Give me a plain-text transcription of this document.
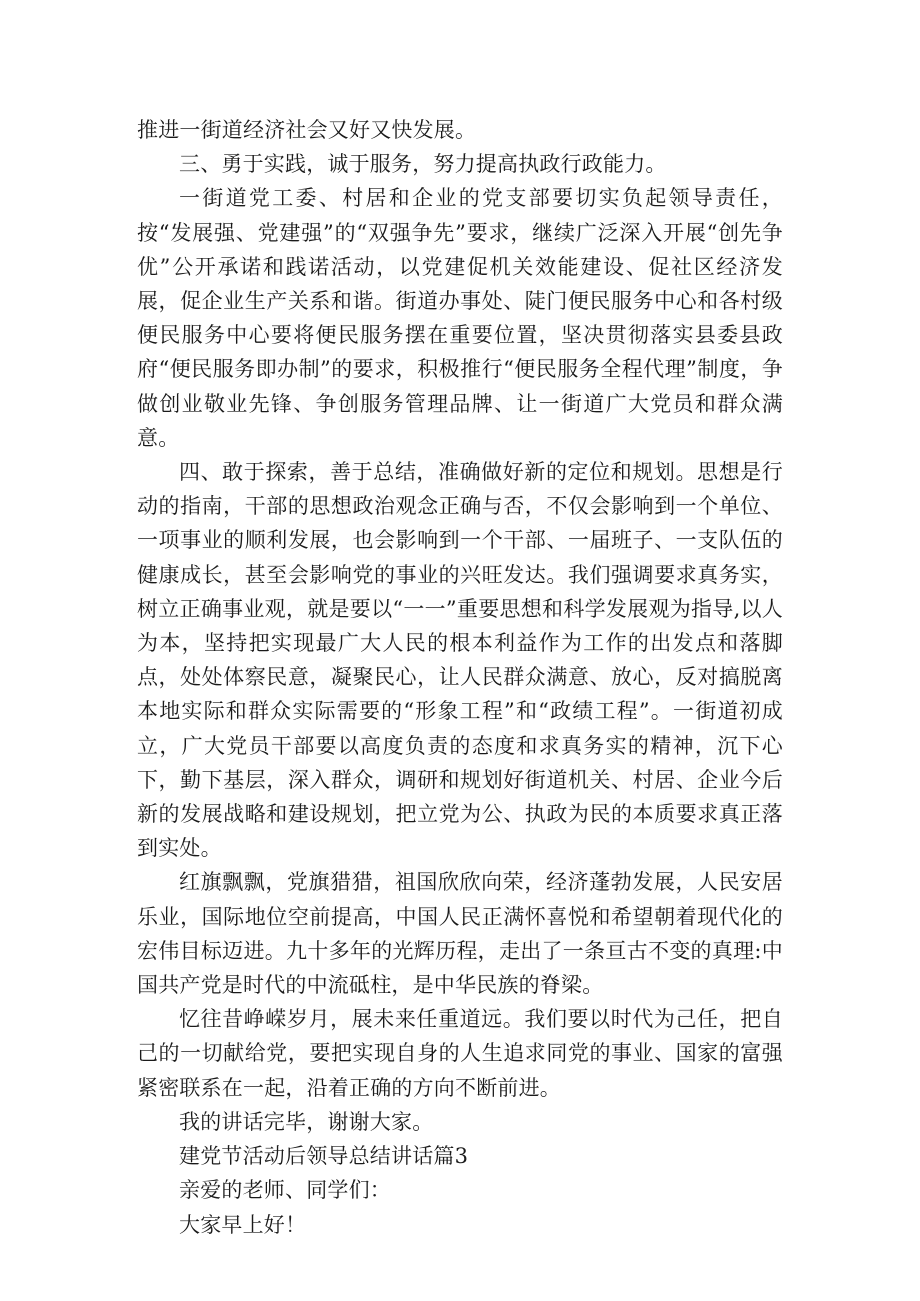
推进一街道经济社会又好又快发展。

三、勇于实践，诚于服务，努力提高执政行政能力。

一街道党工委、村居和企业的党支部要切实负起领导责任，按“发展强、党建强”的“双强争先”要求，继续广泛深入开展“创先争优”公开承诺和践诺活动，以党建促机关效能建设、促社区经济发展，促企业生产关系和谐。街道办事处、陡门便民服务中心和各村级便民服务中心要将便民服务摆在重要位置，坚决贯彻落实县委县政府“便民服务即办制”的要求，积极推行“便民服务全程代理”制度，争做创业敬业先锋、争创服务管理品牌、让一街道广大党员和群众满意。

四、敢于探索，善于总结，准确做好新的定位和规划。思想是行动的指南，干部的思想政治观念正确与否，不仅会影响到一个单位、一项事业的顺利发展，也会影响到一个干部、一届班子、一支队伍的健康成长，甚至会影响党的事业的兴旺发达。我们强调要求真务实，树立正确事业观，就是要以“一一”重要思想和科学发展观为指导,以人为本，坚持把实现最广大人民的根本利益作为工作的出发点和落脚点，处处体察民意，凝聚民心，让人民群众满意、放心，反对搞脱离本地实际和群众实际需要的“形象工程”和“政绩工程”。一街道初成立，广大党员干部要以高度负责的态度和求真务实的精神，沉下心下，勤下基层，深入群众，调研和规划好街道机关、村居、企业今后新的发展战略和建设规划，把立党为公、执政为民的本质要求真正落到实处。

红旗飘飘，党旗猎猎，祖国欣欣向荣，经济蓬勃发展，人民安居乐业，国际地位空前提高，中国人民正满怀喜悦和希望朝着现代化的宏伟目标迈进。九十多年的光辉历程，走出了一条亘古不变的真理:中国共产党是时代的中流砥柱，是中华民族的脊梁。

忆往昔峥嵘岁月，展未来任重道远。我们要以时代为己任，把自己的一切献给党，要把实现自身的人生追求同党的事业、国家的富强紧密联系在一起，沿着正确的方向不断前进。

我的讲话完毕，谢谢大家。

建党节活动后领导总结讲话篇3

亲爱的老师、同学们：

大家早上好！
